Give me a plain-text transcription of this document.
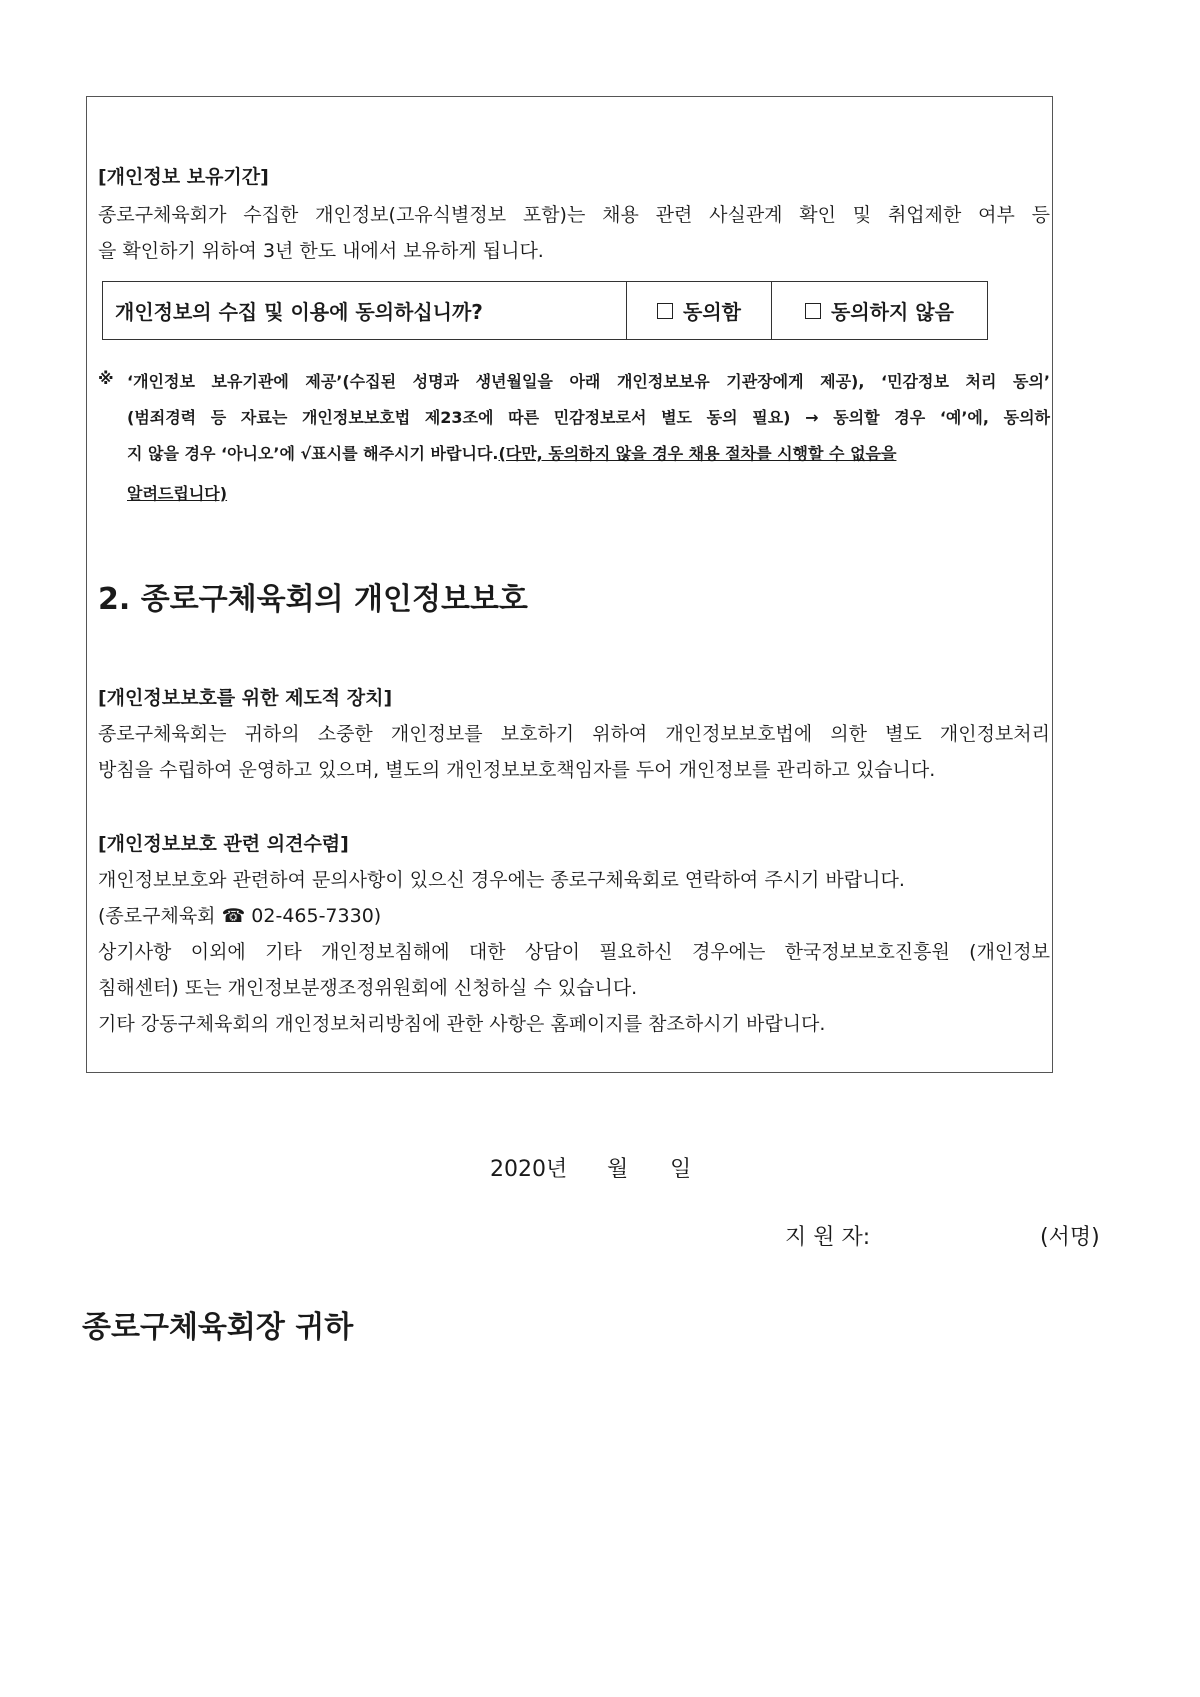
[개인정보 보유기간]
종로구체육회가 수집한 개인정보(고유식별정보 포함)는 채용 관련 사실관계 확인 및 취업제한 여부 등
을 확인하기 위하여 3년 한도 내에서 보유하게 됩니다.
개인정보의 수집 및 이용에 동의하십니까?	동의함	동의하지 않음
※ ‘개인정보 보유기관에 제공’(수집된 성명과 생년월일을 아래 개인정보보유 기관장에게 제공), ‘민감정보 처리 동의’
(범죄경력 등 자료는 개인정보보호법 제23조에 따른 민감정보로서 별도 동의 필요) → 동의할 경우 ‘예’에, 동의하
지 않을 경우 ‘아니오’에 √표시를 해주시기 바랍니다.(다만, 동의하지 않을 경우 채용 절차를 시행할 수 없음을
알려드립니다)
2. 종로구체육회의 개인정보보호
[개인정보보호를 위한 제도적 장치]
종로구체육회는 귀하의 소중한 개인정보를 보호하기 위하여 개인정보보호법에 의한 별도 개인정보처리
방침을 수립하여 운영하고 있으며, 별도의 개인정보보호책임자를 두어 개인정보를 관리하고 있습니다.
[개인정보보호 관련 의견수렴]
개인정보보호와 관련하여 문의사항이 있으신 경우에는 종로구체육회로 연락하여 주시기 바랍니다.
(종로구체육회 ☎ 02-465-7330)
상기사항 이외에 기타 개인정보침해에 대한 상담이 필요하신 경우에는 한국정보보호진흥원 (개인정보
침해센터) 또는 개인정보분쟁조정위원회에 신청하실 수 있습니다.
기타 강동구체육회의 개인정보처리방침에 관한 사항은 홈페이지를 참조하시기 바랍니다.
2020년 월 일
지 원 자:	(서명)
종로구체육회장 귀하
